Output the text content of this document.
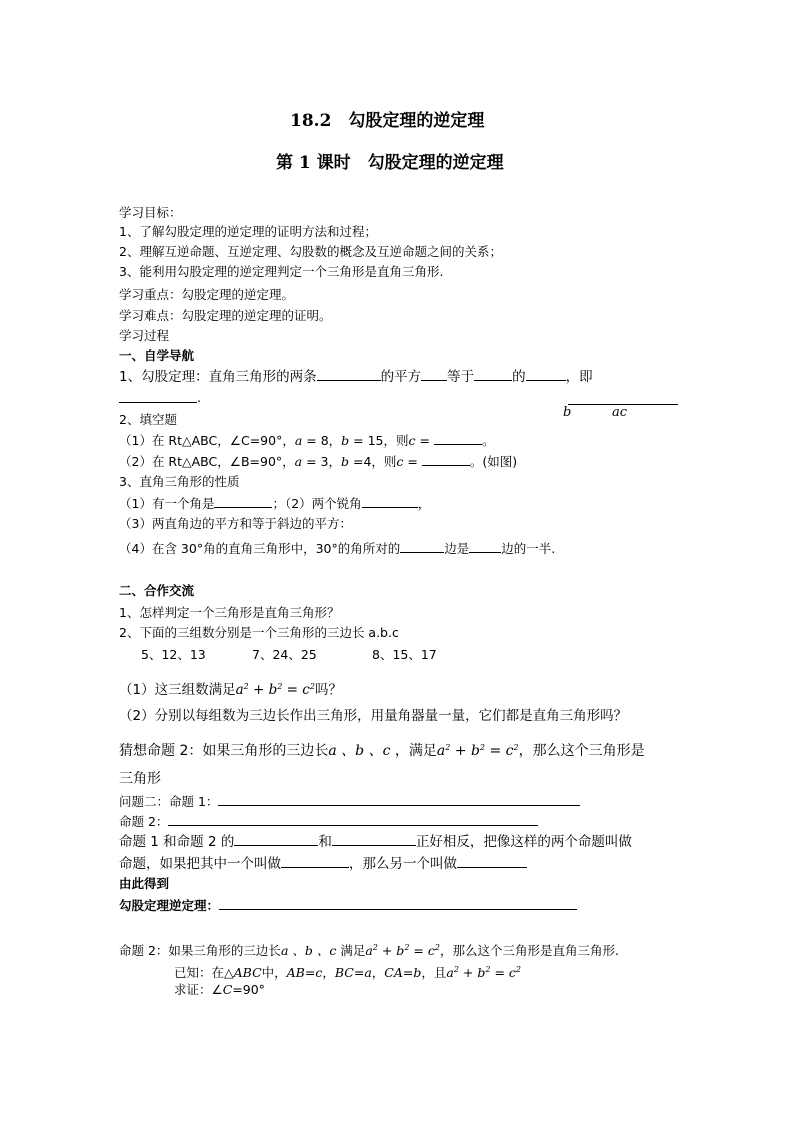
18.2　勾股定理的逆定理
第 1 课时　勾股定理的逆定理
学习目标：
1、了解勾股定理的逆定理的证明方法和过程；
2、理解互逆命题、互逆定理、勾股数的概念及互逆命题之间的关系；
3、能利用勾股定理的逆定理判定一个三角形是直角三角形.
学习重点：勾股定理的逆定理。
学习难点：勾股定理的逆定理的证明。
学习过程
一、自学导航
1、勾股定理：直角三角形的两条	的平方 等于	的	，即
.
b	ac
2、填空题
（1）在 Rt△ABC，∠C=90°，a = 8，b = 15，则c =	。
（2）在 Rt△ABC，∠B=90°，a = 3，b =4，则c =	。(如图)
3、直角三角形的性质
（1）有一个角是	；（2）两个锐角	，
（3）两直角边的平方和等于斜边的平方：
（4）在含 30°角的直角三角形中，30°的角所对的	边是	边的一半.
二、合作交流
1、怎样判定一个三角形是直角三角形？
2、下面的三组数分别是一个三角形的三边长 a.b.c
5、12、13	7、24、25	8、15、17
（1）这三组数满足$a^2 + b^2 = c^2$吗？
（2）分别以每组数为三边长作出三角形，用量角器量一量，它们都是直角三角形吗？
猜想命题 2：如果三角形的三边长a 、b 、c ，满足$a^2 + b^2 = c^2$，那么这个三角形是
三角形
问题二：命题 1：
命题 2：
命题 1 和命题 2 的	和	正好相反，把像这样的两个命题叫做
命题，如果把其中一个叫做	，那么另一个叫做
由此得到
勾股定理逆定理：
命题 2：如果三角形的三边长a 、b 、c 满足$a^2 + b^2 = c^2$，那么这个三角形是直角三角形.
已知：在△ABC中，AB=c，BC=a，CA=b，且$a^2 + b^2 = c^2$
求证：∠C=90°
